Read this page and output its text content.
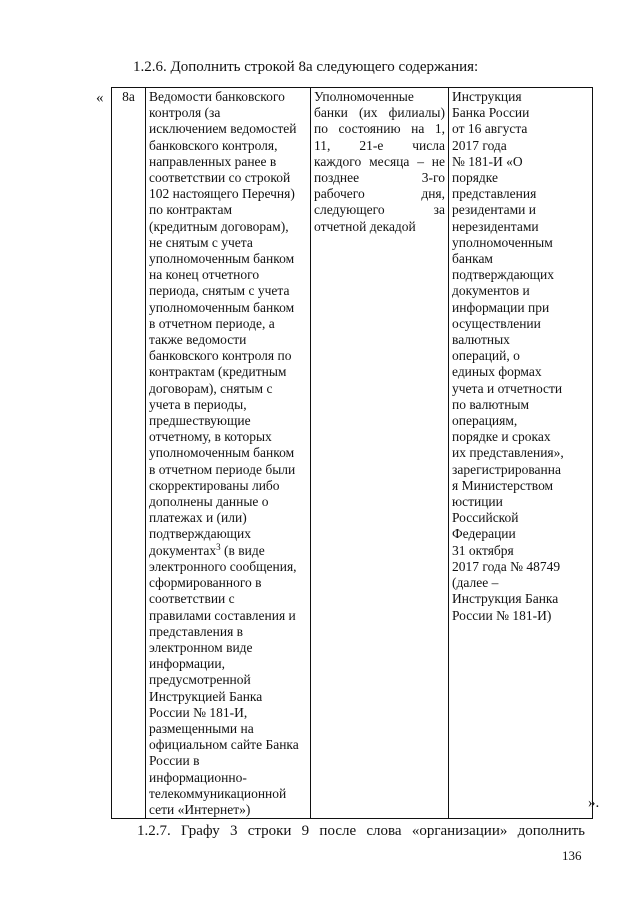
1.2.6. Дополнить строкой 8а следующего содержания:
« 8а	Ведомости банковского
контроля (за
исключением ведомостей
банковского контроля,
направленных ранее в
соответствии со строкой
102 настоящего Перечня)
по контрактам
(кредитным договорам),
не снятым с учета
уполномоченным банком
на конец отчетного
периода, снятым с учета
уполномоченным банком
в отчетном периоде, а
также ведомости
банковского контроля по
контрактам (кредитным
договорам), снятым с
учета в периоды,
предшествующие
отчетному, в которых
уполномоченным банком
в отчетном периоде были
скорректированы либо
дополнены данные о
платежах и (или)
подтверждающих
документах$^3$ (в виде
электронного сообщения,
сформированного в
соответствии с
правилами составления и
представления в
электронном виде
информации,
предусмотренной
Инструкцией Банка
России № 181-И,
размещенными на
официальном сайте Банка
России в
информационно-
телекоммуникационной
сети «Интернет»)

Уполномоченные
банки (их филиалы)
по состоянию на 1,
11, 21-е числа
каждого месяца – не
позднее 3-го
рабочего дня,
следующего за
отчетной декадой

Инструкция
Банка России
от 16 августа
2017 года
№ 181-И «О
порядке
представления
резидентами и
нерезидентами
уполномоченным
банкам
подтверждающих
документов и
информации при
осуществлении
валютных
операций, о
единых формах
учета и отчетности
по валютным
операциям,
порядке и сроках
их представления»,
зарегистрированна
я Министерством
юстиции
Российской
Федерации
31 октября
2017 года № 48749
(далее –
Инструкция Банка
России № 181-И)
».
1.2.7. Графу 3 строки 9 после слова «организации» дополнить
136
